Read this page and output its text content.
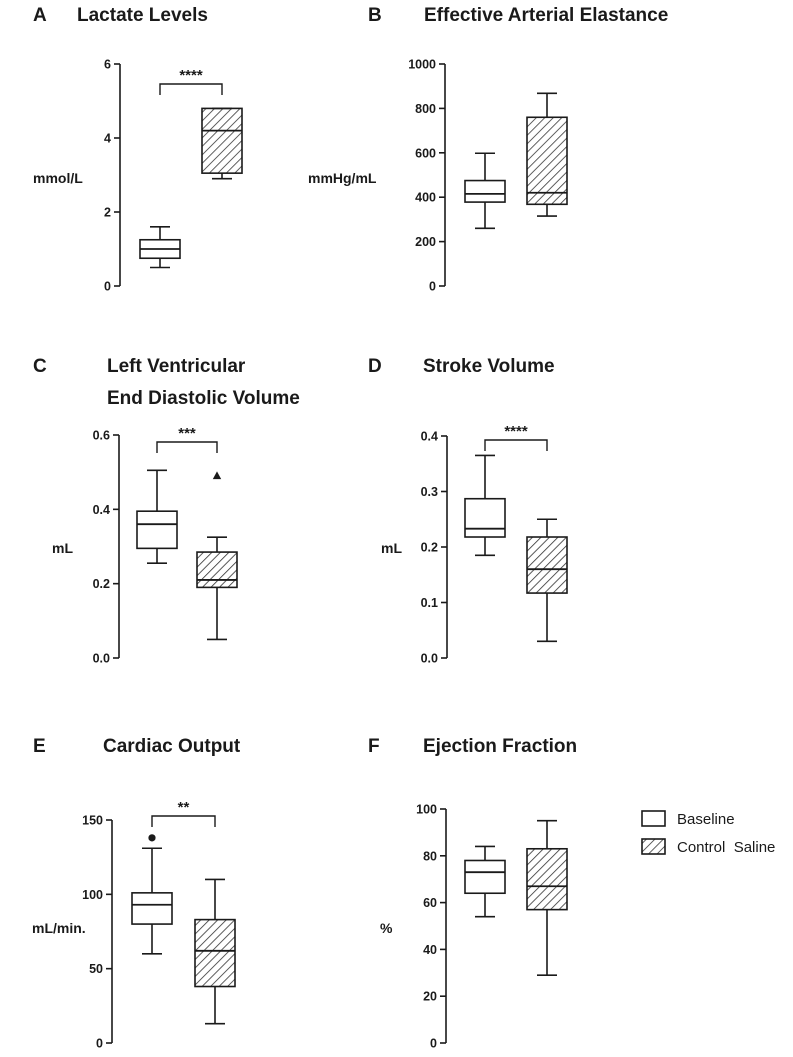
Baseline
Control  Saline
A Lactate Levels
mmol/L
0
2
4
6
****
B Effective Arterial Elastance
mmHg/mL
0
200
400
600
800
1000
C	Left Ventricular
End Diastolic Volume
mL
0.0
0.2
0.4
0.6	***
D Stroke Volume
mL
0.0
0.1
0.2
0.3
0.4	****
E	Cardiac Output
mL/min.
0
50
100
150
**
F Ejection Fraction
%
0
20
40
60
80
100
